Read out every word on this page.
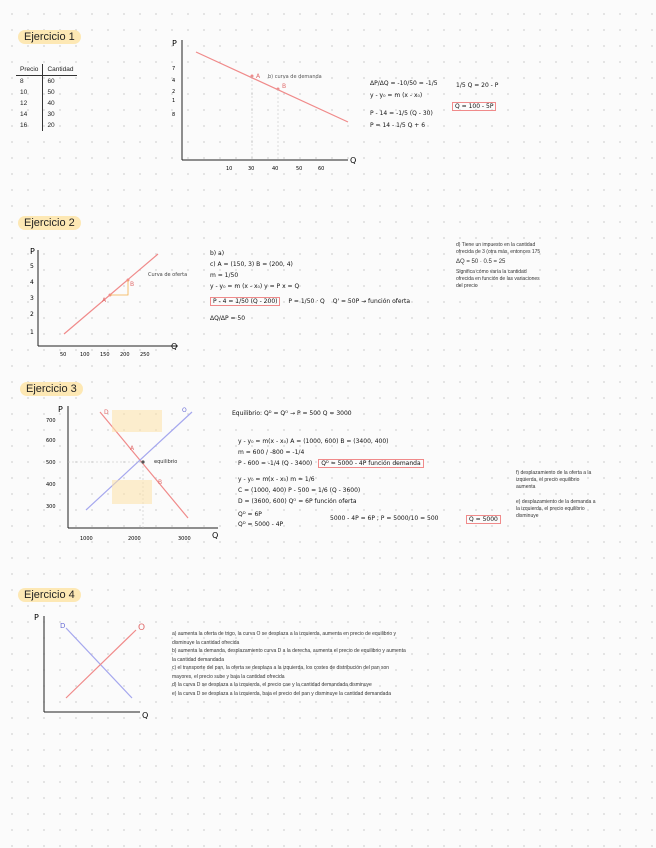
Ejercicio 1
Precio	Cantidad
8	60
10	50
12	40
14	30
16	20
P
Q
7
4
2
1
8
10	30	40	50	60
A
B
b) curva de demanda
ΔP/ΔQ = -10/50 = -1/5
y - y₀ = m (x - x₀)
P - 14 = -1/5 (Q - 30)
P = 14 - 1/5 Q + 6
1/5 Q = 20 - P
Q = 100 - 5P
Ejercicio 2
P
Q
5
4
3
2
1
50	100 150 200 250
A
B
Curva de oferta
b) a)
c) A = (150, 3) B = (200, 4)
m = 1/50
y - y₀ = m (x - x₀) y = P x = Q
P - 4 = 1/50 (Q - 200) P = 1/50 · Q Q' = 50P → función oferta
ΔQ/ΔP = 50
d) Tiene un impuesto en la cantidad
ofrecida de 3 (otra más, entonces 175
ΔQ = 50 · 0.5 = 25
Significa cómo varía la cantidad
ofrecida en función de las variaciones
del precio
Ejercicio 3
P
Q
700
600
500
400
300
1000	2000	3000
D	O
A
B
equilibrio
Equilibrio: Qᴰ = Qᴼ → P = 500 Q = 3000
y - y₀ = m(x - x₀) A = (1000, 600) B = (3400, 400)
m = 600 / -800 = -1/4
P - 600 = -1/4 (Q - 3400) Qᴰ = 5000 - 4P función demanda
y - y₀ = m(x - x₀) m = 1/6
C = (1000, 400) P - 500 = 1/6 (Q - 3600)
D = (3600, 600) Qᴼ = 6P función oferta
Qᴰ = 6P
Qᴰ = 5000 - 4P
5000 - 4P = 6P ; P = 5000/10 = 500	Q = 5000
f) desplazamiento de la oferta a la
izquierda, el precio equilibrio
aumenta
e) desplazamiento de la demanda a
la izquierda, el precio equilibrio
disminuye
Ejercicio 4
P
Q
D	O
a) aumenta la oferta de trigo, la curva O se desplaza a la izquierda, aumenta en precio de equilibrio y
disminuye la cantidad ofrecida
b) aumenta la demanda, desplazamiento curva D a la derecha, aumenta el precio de equilibrio y aumenta
la cantidad demandada
c) el transporte del pan, la oferta se desplaza a la izquierda, los costes de distribución del pan son
mayores, el precio sube y baja la cantidad ofrecida
d) la curva D se desplaza a la izquierda, el precio cae y la cantidad demandada disminuye
e) la curva D se desplaza a la izquierda, baja el precio del pan y disminuye la cantidad demandada
